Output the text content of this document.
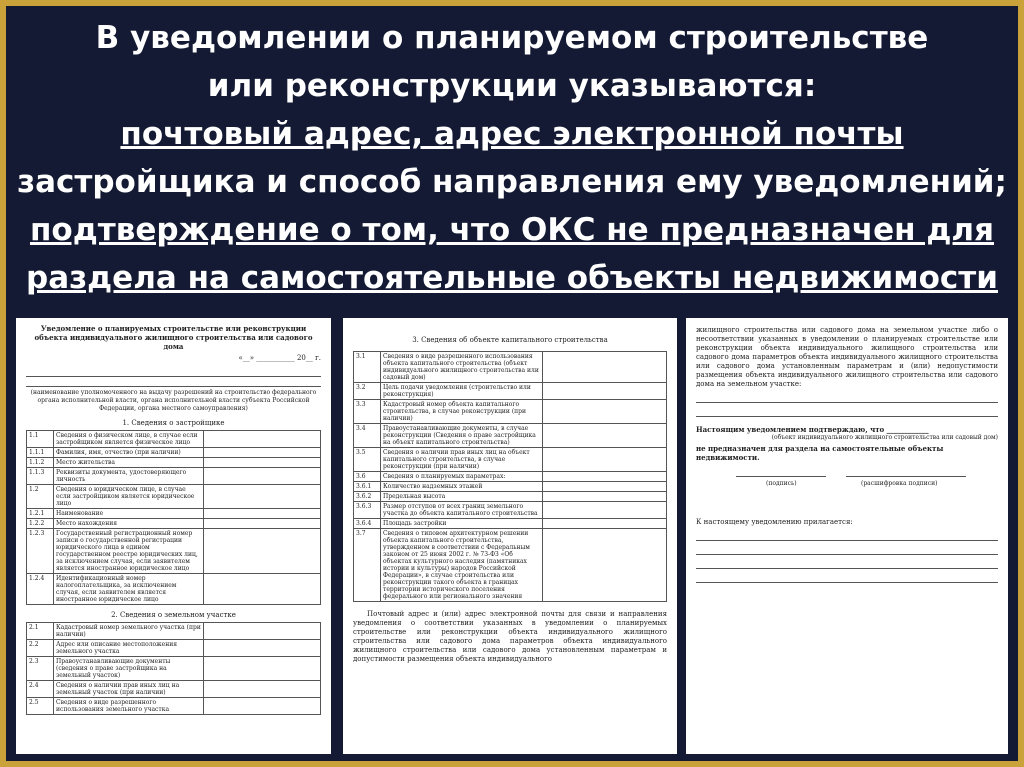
В уведомлении о планируемом строительстве
или реконструкции указываются:
почтовый адрес, адрес электронной почты
застройщика и способ направления ему уведомлений;
подтверждение о том, что ОКС не предназначен для
раздела на самостоятельные объекты недвижимости
Уведомление о планируемых строительстве или реконструкции объекта индивидуального жилищного строительства или садового дома
«__» ___________ 20__ г.
(наименование уполномоченного на выдачу разрешений на строительство федерального органа исполнительной власти, органа исполнительной власти субъекта Российской Федерации, органа местного самоуправления)
1. Сведения о застройщике
1.1	Сведения о физическом лице, в случае если застройщиком является физическое лицо	
1.1.1	Фамилия, имя, отчество (при наличии)	
1.1.2	Место жительства	
1.1.3	Реквизиты документа, удостоверяющего личность	
1.2	Сведения о юридическом лице, в случае если застройщиком является юридическое лицо	
1.2.1	Наименование	
1.2.2	Место нахождения	
1.2.3	Государственный регистрационный номер записи о государственной регистрации юридического лица в едином государственном реестре юридических лиц, за исключением случая, если заявителем является иностранное юридическое лицо	
1.2.4	Идентификационный номер налогоплательщика, за исключением случая, если заявителем является иностранное юридическое лицо	
2. Сведения о земельном участке
2.1	Кадастровый номер земельного участка (при наличии)	
2.2	Адрес или описание местоположения земельного участка	
2.3	Правоустанавливающие документы (сведения о праве застройщика на земельный участок)	
2.4	Сведения о наличии прав иных лиц на земельный участок (при наличии)	
2.5	Сведения о виде разрешенного использования земельного участка	
3. Сведения об объекте капитального строительства
3.1	Сведения о виде разрешенного использования объекта капитального строительства (объект индивидуального жилищного строительства или садовый дом)	
3.2	Цель подачи уведомления (строительство или реконструкция)	
3.3	Кадастровый номер объекта капитального строительства, в случае реконструкции (при наличии)	
3.4	Правоустанавливающие документы, в случае реконструкции (Сведения о праве застройщика на объект капитального строительства)	
3.5	Сведения о наличии прав иных лиц на объект капитального строительства, в случае реконструкции (при наличии)	
3.6	Сведения о планируемых параметрах:	
3.6.1	Количество надземных этажей	
3.6.2	Предельная высота	
3.6.3	Размер отступов от всех границ земельного участка до объекта капитального строительства	
3.6.4	Площадь застройки	
3.7	Сведения о типовом архитектурном решении объекта капитального строительства, утвержденном в соответствии с Федеральным законом от 25 июня 2002 г. № 73-ФЗ «Об объектах культурного наследия (памятниках истории и культуры) народов Российской Федерации», в случае строительства или реконструкции такого объекта в границах территории исторического поселения федерального или регионального значения	
Почтовый адрес и (или) адрес электронной почты для связи и направления уведомления о соответствии указанных в уведомлении о планируемых строительстве или реконструкции объекта индивидуального жилищного строительства или садового дома параметров объекта индивидуального жилищного строительства или садового дома установленным параметрам и допустимости размещения объекта индивидуального
жилищного строительства или садового дома на земельном участке либо о несоответствии указанных в уведомлении о планируемых строительстве или реконструкции объекта индивидуального жилищного строительства или садового дома параметров объекта индивидуального жилищного строительства или садового дома установленным параметрам и (или) недопустимости размещения объекта индивидуального жилищного строительства или садового дома на земельном участке:
Настоящим уведомлением подтверждаю, что ____________
(объект индивидуального жилищного строительства или садовый дом)
не предназначен для раздела на самостоятельные объекты недвижимости.
(подпись)	(расшифровка подписи)
К настоящему уведомлению прилагается:
